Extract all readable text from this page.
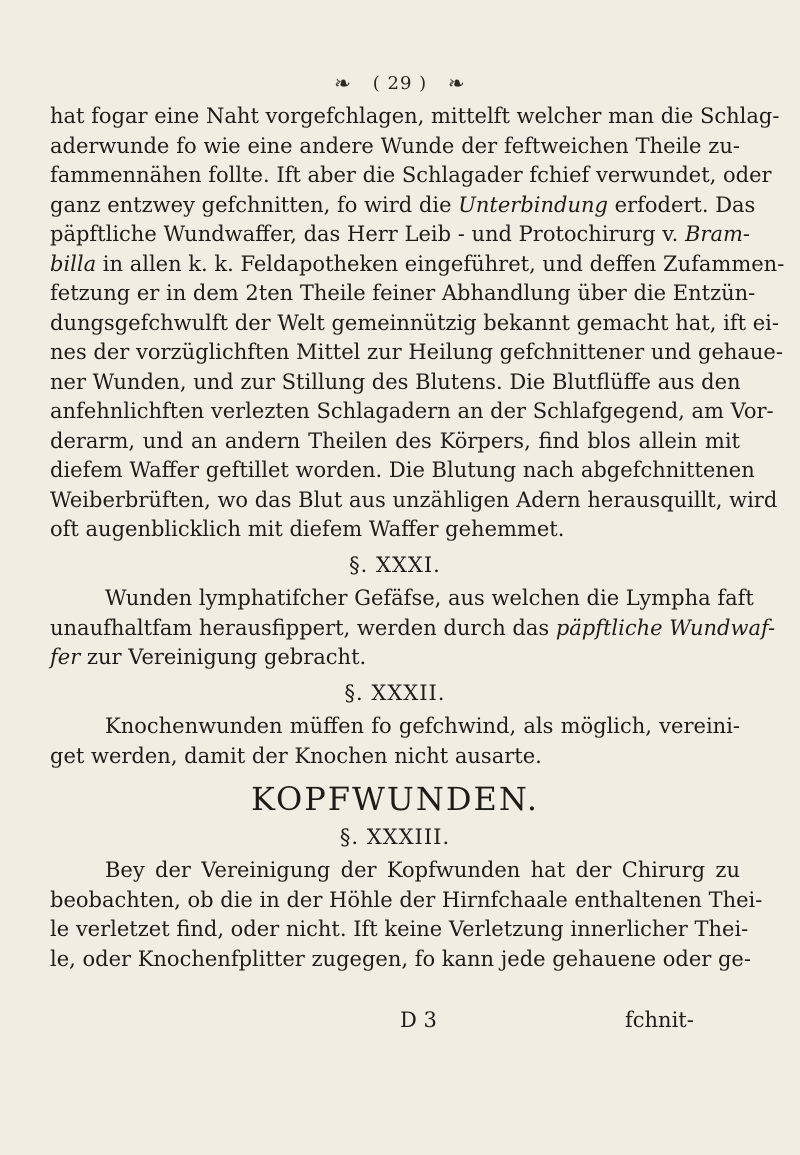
❧ ( 29 ) ❧
hat fogar eine Naht vorgefchlagen, mittelft welcher man die Schlag-
aderwunde fo wie eine andere Wunde der feftweichen Theile zu-
fammennähen follte. Ift aber die Schlagader fchief verwundet, oder
ganz entzwey gefchnitten, fo wird die Unterbindung erfodert. Das
päpftliche Wundwaffer, das Herr Leib - und Protochirurg v. Bram-
billa in allen k. k. Feldapotheken eingeführet, und deffen Zufammen-
fetzung er in dem 2ten Theile feiner Abhandlung über die Entzün-
dungsgefchwulft der Welt gemeinnützig bekannt gemacht hat, ift ei-
nes der vorzüglichften Mittel zur Heilung gefchnittener und gehaue-
ner Wunden, und zur Stillung des Blutens. Die Blutflüffe aus den
anfehnlichften verlezten Schlagadern an der Schlafgegend, am Vor-
derarm, und an andern Theilen des Körpers, find blos allein mit
diefem Waffer geftillet worden. Die Blutung nach abgefchnittenen
Weiberbrüften, wo das Blut aus unzähligen Adern herausquillt, wird
oft augenblicklich mit diefem Waffer gehemmet.
§. XXXI.
Wunden lymphatifcher Gefäfse, aus welchen die Lympha faft
unaufhaltfam herausfippert, werden durch das päpftliche Wundwaf-
fer zur Vereinigung gebracht.
§. XXXII.
Knochenwunden müffen fo gefchwind, als möglich, vereini-
get werden, damit der Knochen nicht ausarte.
KOPFWUNDEN.
§. XXXIII.
Bey der Vereinigung der Kopfwunden hat der Chirurg zu
beobachten, ob die in der Höhle der Hirnfchaale enthaltenen Thei-
le verletzet find, oder nicht. Ift keine Verletzung innerlicher Thei-
le, oder Knochenfplitter zugegen, fo kann jede gehauene oder ge-
D 3	fchnit-
